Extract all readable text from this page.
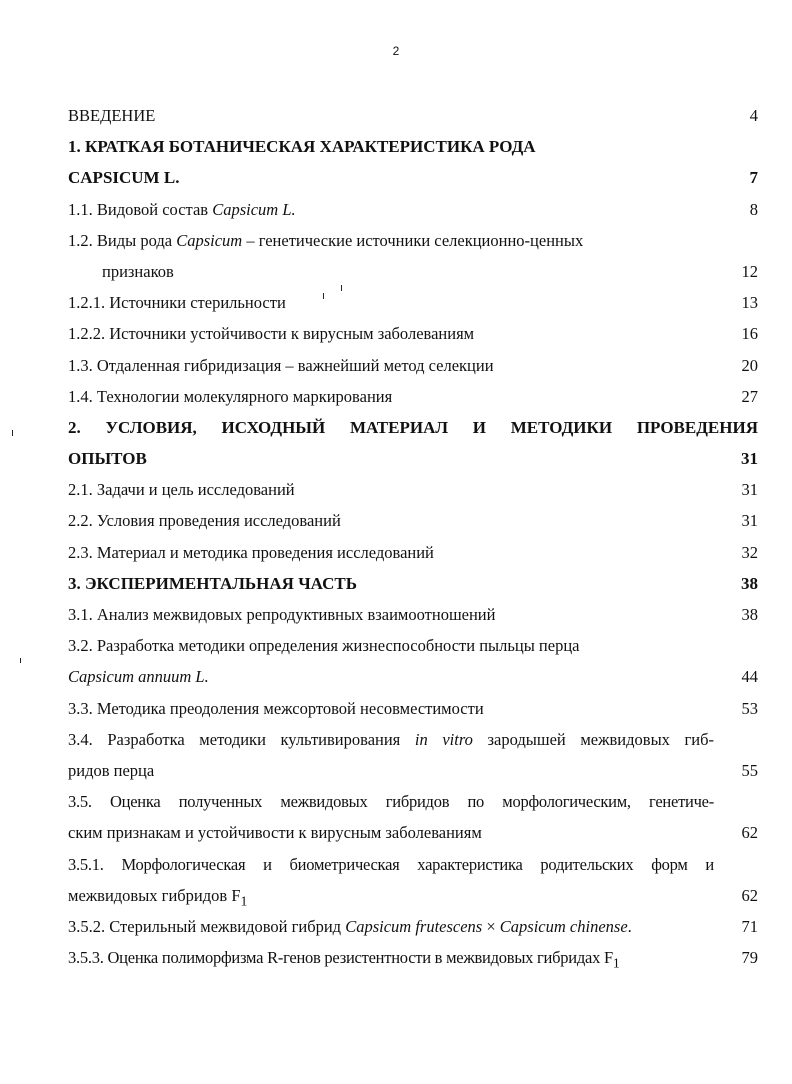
2
ВВЕДЕНИЕ	4
1. КРАТКАЯ БОТАНИЧЕСКАЯ ХАРАКТЕРИСТИКА РОДА
CAPSICUM L.	7
1.1. Видовой состав Capsicum L.	8
1.2. Виды рода Capsicum – генетические источники селекционно-ценных
признаков	12
1.2.1. Источники стерильности	13
1.2.2. Источники устойчивости к вирусным заболеваниям	16
1.3. Отдаленная гибридизация – важнейший метод селекции	20
1.4. Технологии молекулярного маркирования	27
2. УСЛОВИЯ, ИСХОДНЫЙ МАТЕРИАЛ И МЕТОДИКИ ПРОВЕДЕНИЯ
ОПЫТОВ	31
2.1. Задачи и цель исследований	31
2.2. Условия проведения исследований	31
2.3. Материал и методика проведения исследований	32
3. ЭКСПЕРИМЕНТАЛЬНАЯ ЧАСТЬ	38
3.1. Анализ межвидовых репродуктивных взаимоотношений	38
3.2. Разработка методики определения жизнеспособности пыльцы перца
Capsicum annuum L.	44
3.3. Методика преодоления межсортовой несовместимости	53
3.4. Разработка методики культивирования in vitro зародышей межвидовых гиб-
ридов перца	55
3.5. Оценка полученных межвидовых гибридов по морфологическим, генетиче-
ским признакам и устойчивости к вирусным заболеваниям	62
3.5.1. Морфологическая и биометрическая характеристика родительских форм и
межвидовых гибридов $F_1$	62
3.5.2. Стерильный межвидовой гибрид Capsicum frutescens × Capsicum chinense.	71
3.5.3. Оценка полиморфизма R-генов резистентности в межвидовых гибридах $F_1$	79
